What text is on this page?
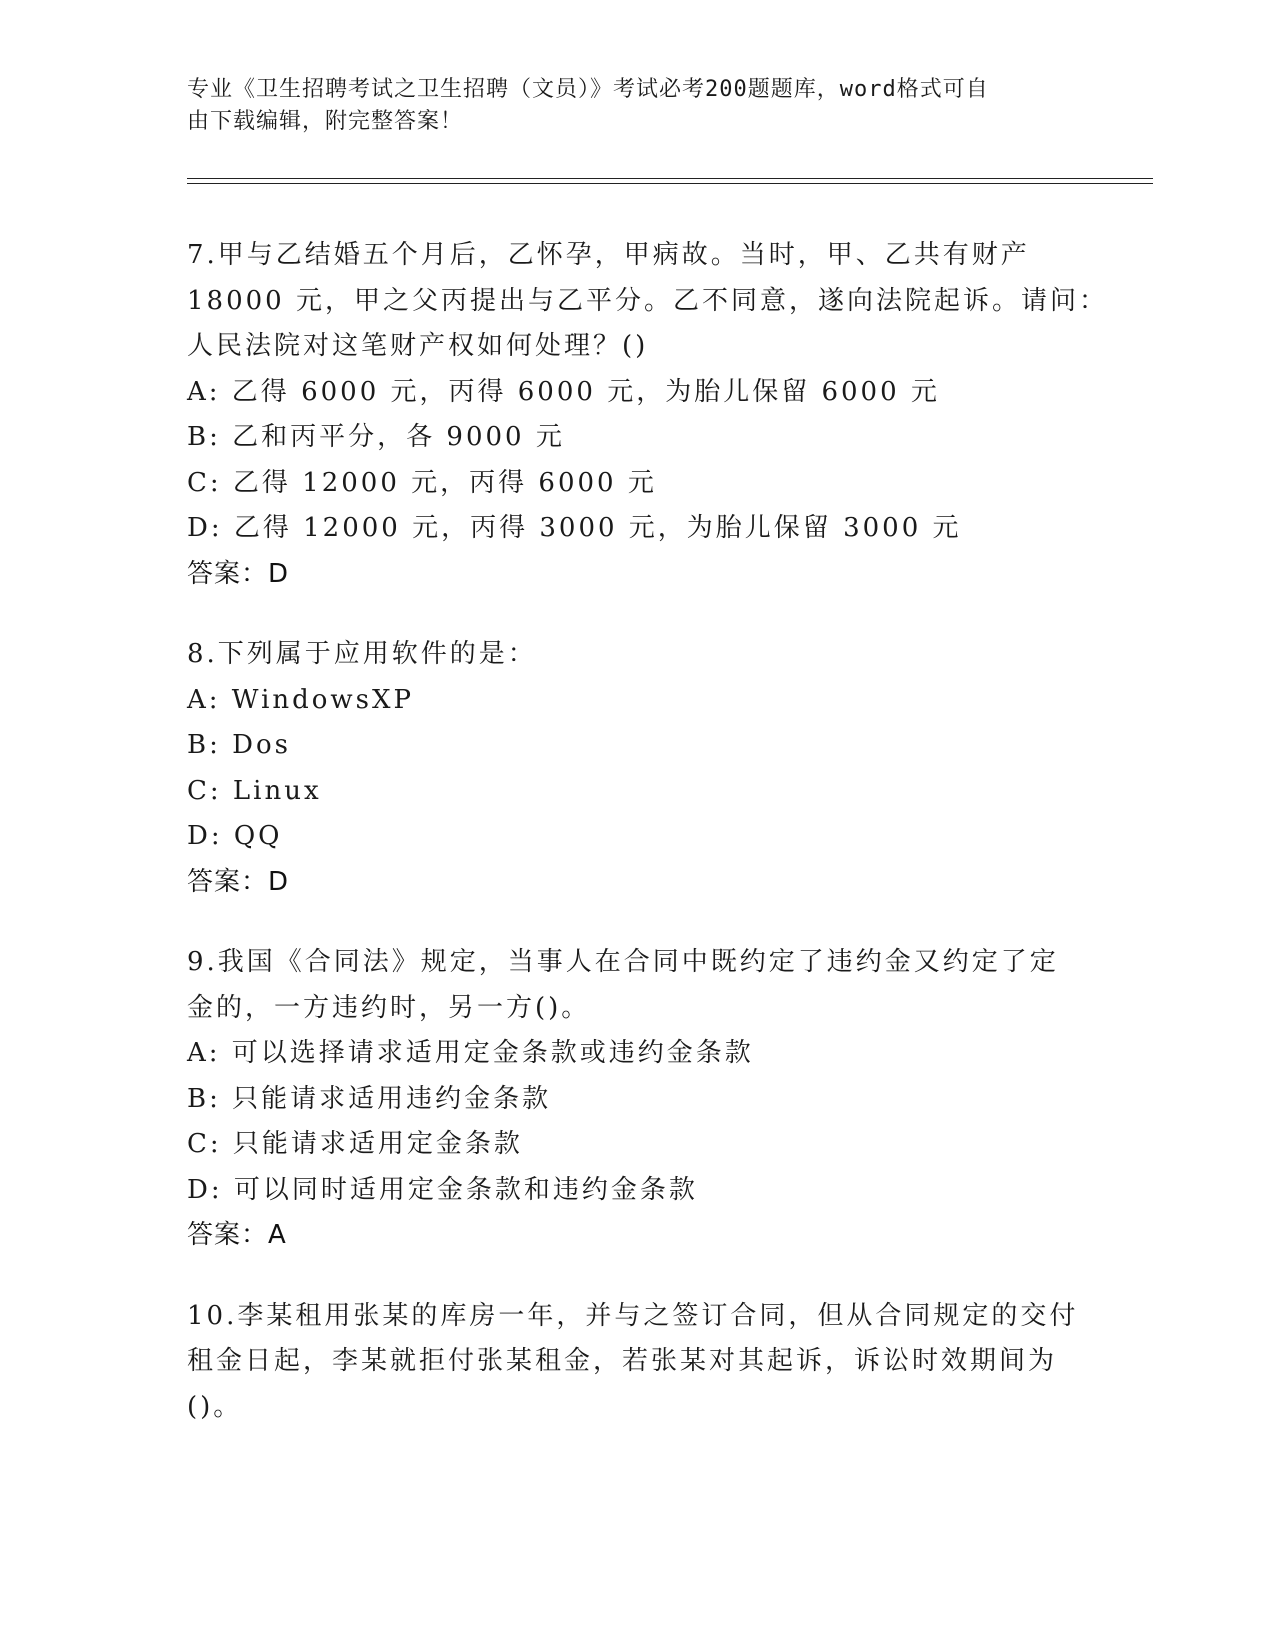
专业《卫生招聘考试之卫生招聘（文员）》考试必考200题题库，word格式可自
由下载编辑，附完整答案！
7.甲与乙结婚五个月后，乙怀孕，甲病故。当时，甲、乙共有财产
18000 元，甲之父丙提出与乙平分。乙不同意，遂向法院起诉。请问：
人民法院对这笔财产权如何处理？()
A: 乙得 6000 元，丙得 6000 元，为胎儿保留 6000 元
B: 乙和丙平分，各 9000 元
C: 乙得 12000 元，丙得 6000 元
D: 乙得 12000 元，丙得 3000 元，为胎儿保留 3000 元
答案：D
8.下列属于应用软件的是：
A: WindowsXP
B: Dos
C: Linux
D: QQ
答案：D
9.我国《合同法》规定，当事人在合同中既约定了违约金又约定了定
金的，一方违约时，另一方()。
A: 可以选择请求适用定金条款或违约金条款
B: 只能请求适用违约金条款
C: 只能请求适用定金条款
D: 可以同时适用定金条款和违约金条款
答案：A
10.李某租用张某的库房一年，并与之签订合同，但从合同规定的交付
租金日起，李某就拒付张某租金，若张某对其起诉，诉讼时效期间为
()。
